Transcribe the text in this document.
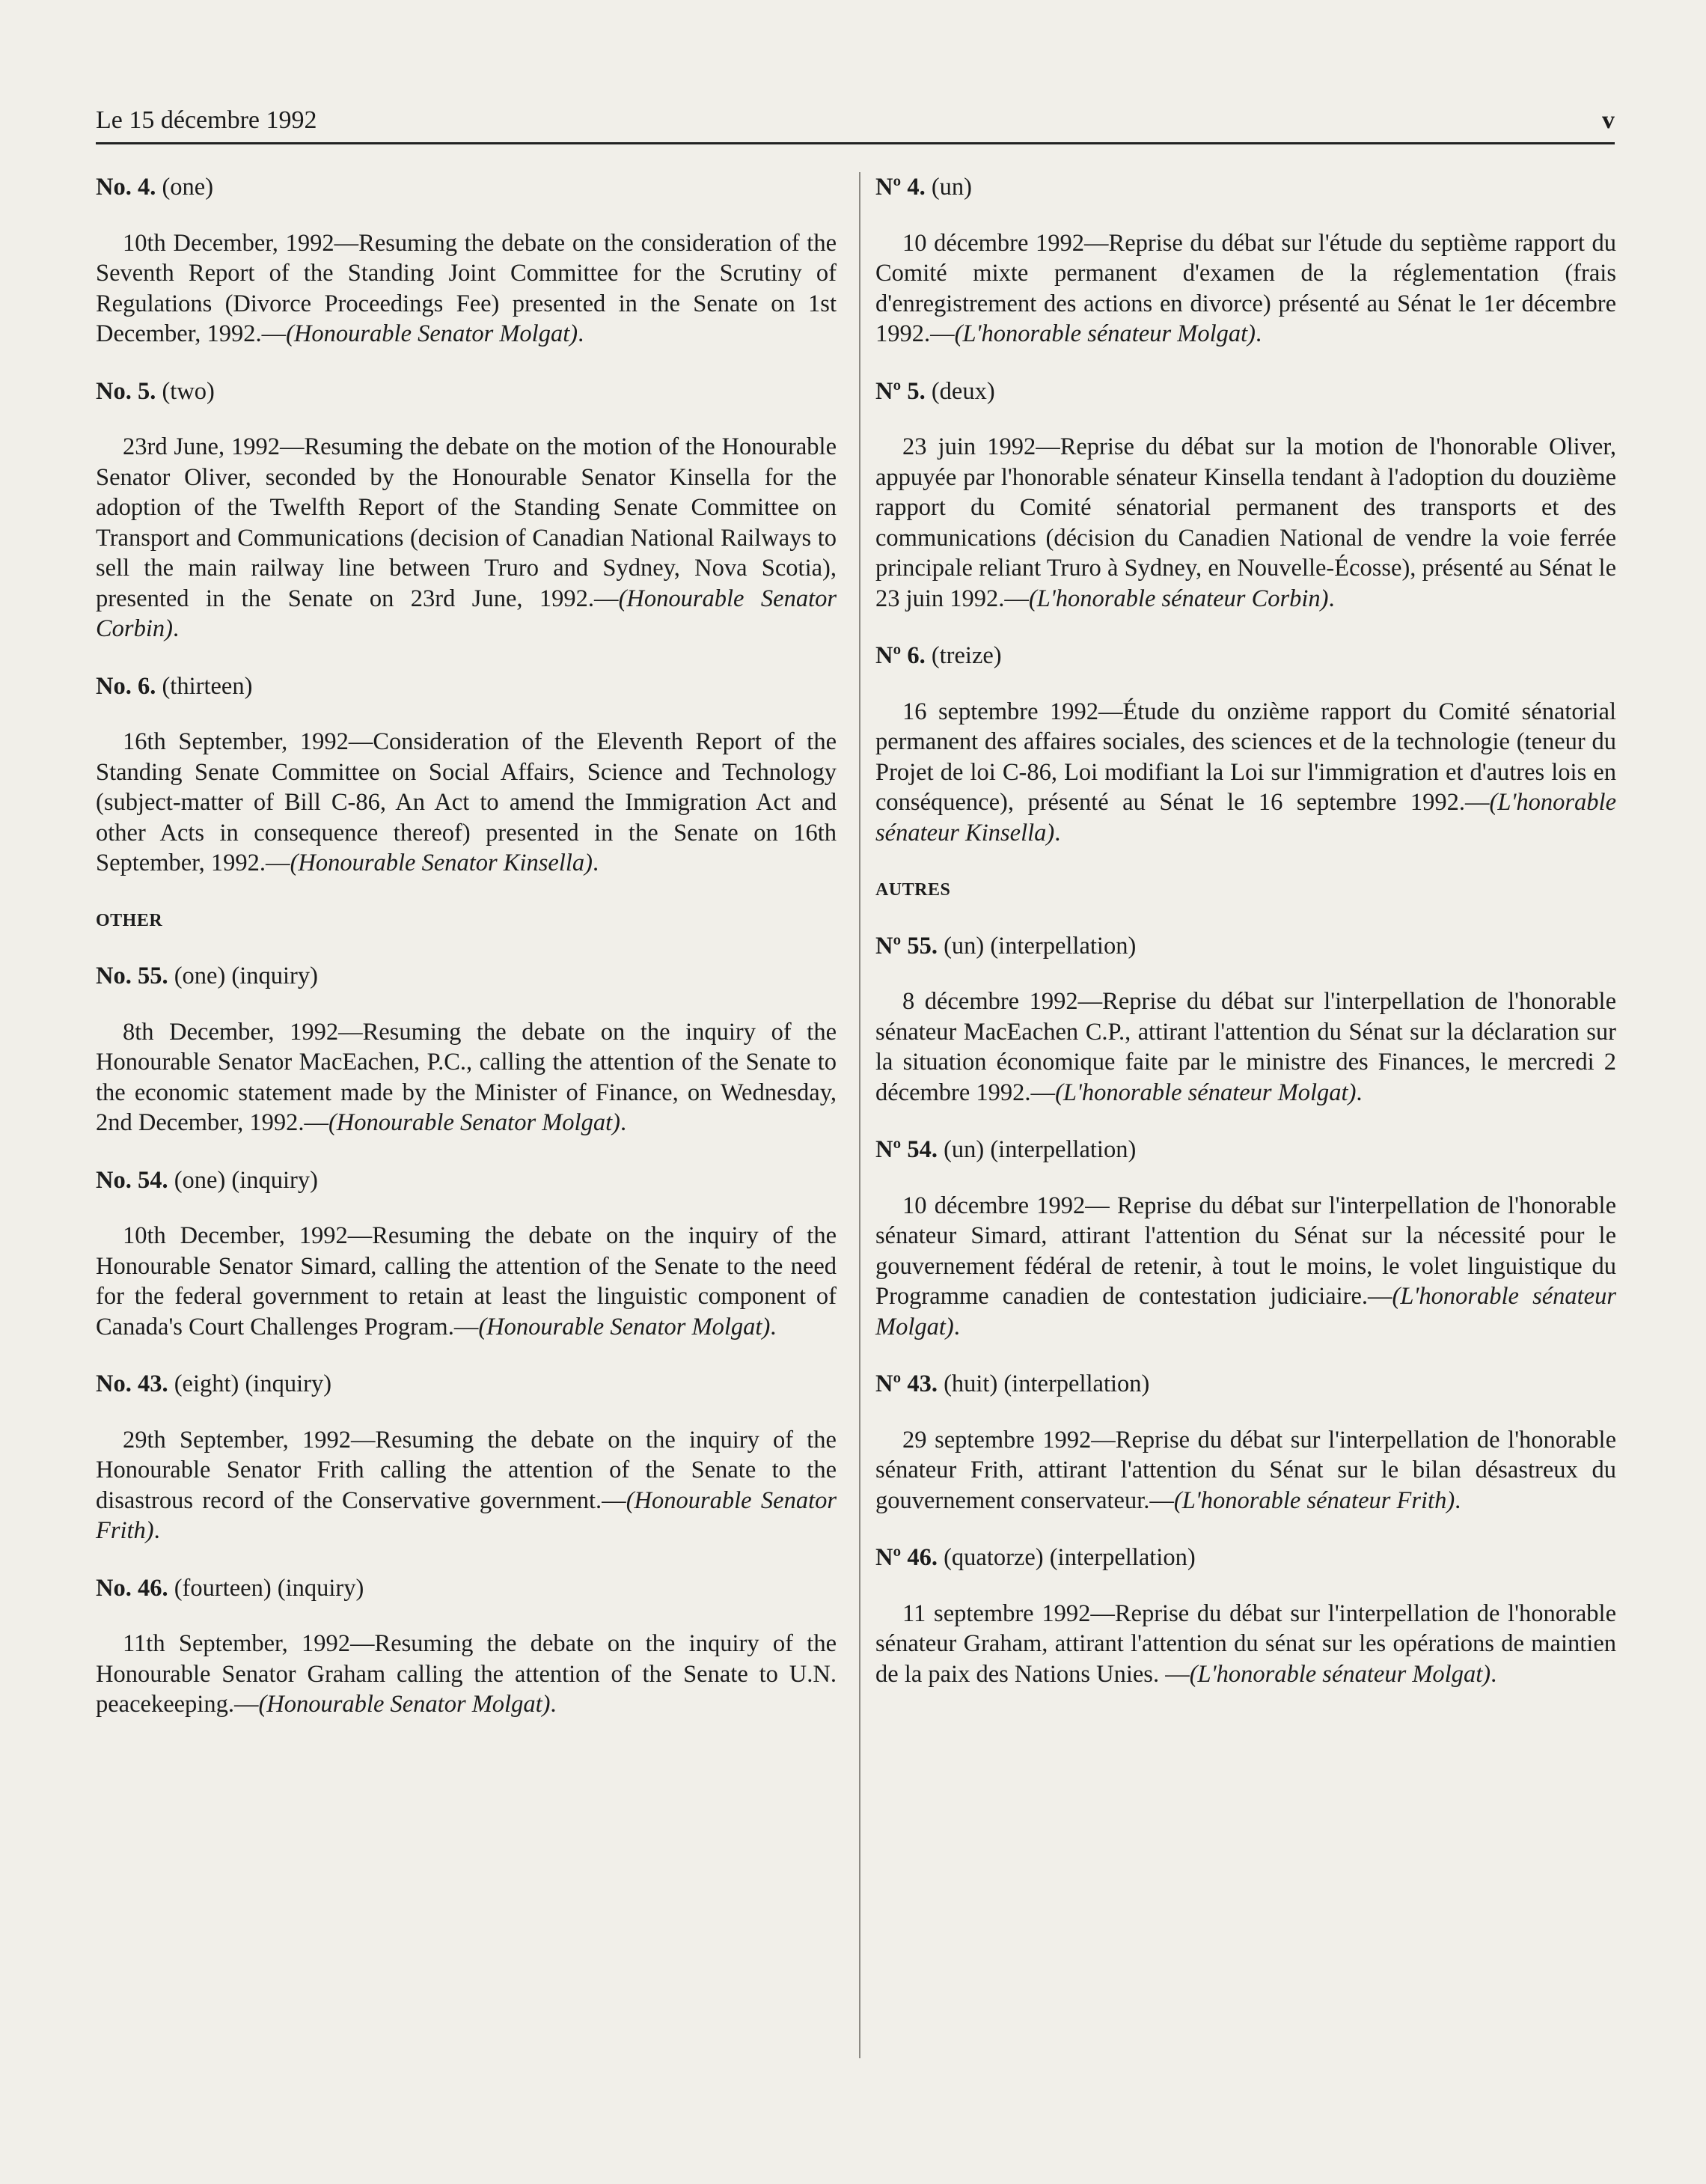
Le 15 décembre 1992	v

No. 4. (one)

10th December, 1992—Resuming the debate on the consideration of the Seventh Report of the Standing Joint Committee for the Scrutiny of Regulations (Divorce Proceedings Fee) presented in the Senate on 1st December, 1992.—(Honourable Senator Molgat).

No. 5. (two)

23rd June, 1992—Resuming the debate on the motion of the Honourable Senator Oliver, seconded by the Honourable Senator Kinsella for the adoption of the Twelfth Report of the Standing Senate Committee on Transport and Communications (decision of Canadian National Railways to sell the main railway line between Truro and Sydney, Nova Scotia), presented in the Senate on 23rd June, 1992.—(Honourable Senator Corbin).

No. 6. (thirteen)

16th September, 1992—Consideration of the Eleventh Report of the Standing Senate Committee on Social Affairs, Science and Technology (subject-matter of Bill C-86, An Act to amend the Immigration Act and other Acts in consequence thereof) presented in the Senate on 16th September, 1992.—(Honourable Senator Kinsella).

OTHER

No. 55. (one) (inquiry)

8th December, 1992—Resuming the debate on the inquiry of the Honourable Senator MacEachen, P.C., calling the attention of the Senate to the economic statement made by the Minister of Finance, on Wednesday, 2nd December, 1992.—(Honourable Senator Molgat).

No. 54. (one) (inquiry)

10th December, 1992—Resuming the debate on the inquiry of the Honourable Senator Simard, calling the attention of the Senate to the need for the federal government to retain at least the linguistic component of Canada's Court Challenges Program.—(Honourable Senator Molgat).

No. 43. (eight) (inquiry)

29th September, 1992—Resuming the debate on the inquiry of the Honourable Senator Frith calling the attention of the Senate to the disastrous record of the Conservative government.—(Honourable Senator Frith).

No. 46. (fourteen) (inquiry)

11th September, 1992—Resuming the debate on the inquiry of the Honourable Senator Graham calling the attention of the Senate to U.N. peacekeeping.—(Honourable Senator Molgat).

Nº 4. (un)

10 décembre 1992—Reprise du débat sur l'étude du septième rapport du Comité mixte permanent d'examen de la réglementation (frais d'enregistrement des actions en divorce) présenté au Sénat le 1er décembre 1992.—(L'honorable sénateur Molgat).

Nº 5. (deux)

23 juin 1992—Reprise du débat sur la motion de l'honorable Oliver, appuyée par l'honorable sénateur Kinsella tendant à l'adoption du douzième rapport du Comité sénatorial permanent des transports et des communications (décision du Canadien National de vendre la voie ferrée principale reliant Truro à Sydney, en Nouvelle-Écosse), présenté au Sénat le 23 juin 1992.—(L'honorable sénateur Corbin).

Nº 6. (treize)

16 septembre 1992—Étude du onzième rapport du Comité sénatorial permanent des affaires sociales, des sciences et de la technologie (teneur du Projet de loi C-86, Loi modifiant la Loi sur l'immigration et d'autres lois en conséquence), présenté au Sénat le 16 septembre 1992.—(L'honorable sénateur Kinsella).

AUTRES

Nº 55. (un) (interpellation)

8 décembre 1992—Reprise du débat sur l'interpellation de l'honorable sénateur MacEachen C.P., attirant l'attention du Sénat sur la déclaration sur la situation économique faite par le ministre des Finances, le mercredi 2 décembre 1992.—(L'honorable sénateur Molgat).

Nº 54. (un) (interpellation)

10 décembre 1992— Reprise du débat sur l'interpellation de l'honorable sénateur Simard, attirant l'attention du Sénat sur la nécessité pour le gouvernement fédéral de retenir, à tout le moins, le volet linguistique du Programme canadien de contestation judiciaire.—(L'honorable sénateur Molgat).

Nº 43. (huit) (interpellation)

29 septembre 1992—Reprise du débat sur l'interpellation de l'honorable sénateur Frith, attirant l'attention du Sénat sur le bilan désastreux du gouvernement conservateur.—(L'honorable sénateur Frith).

Nº 46. (quatorze) (interpellation)

11 septembre 1992—Reprise du débat sur l'interpellation de l'honorable sénateur Graham, attirant l'attention du sénat sur les opérations de maintien de la paix des Nations Unies. —(L'honorable sénateur Molgat).
